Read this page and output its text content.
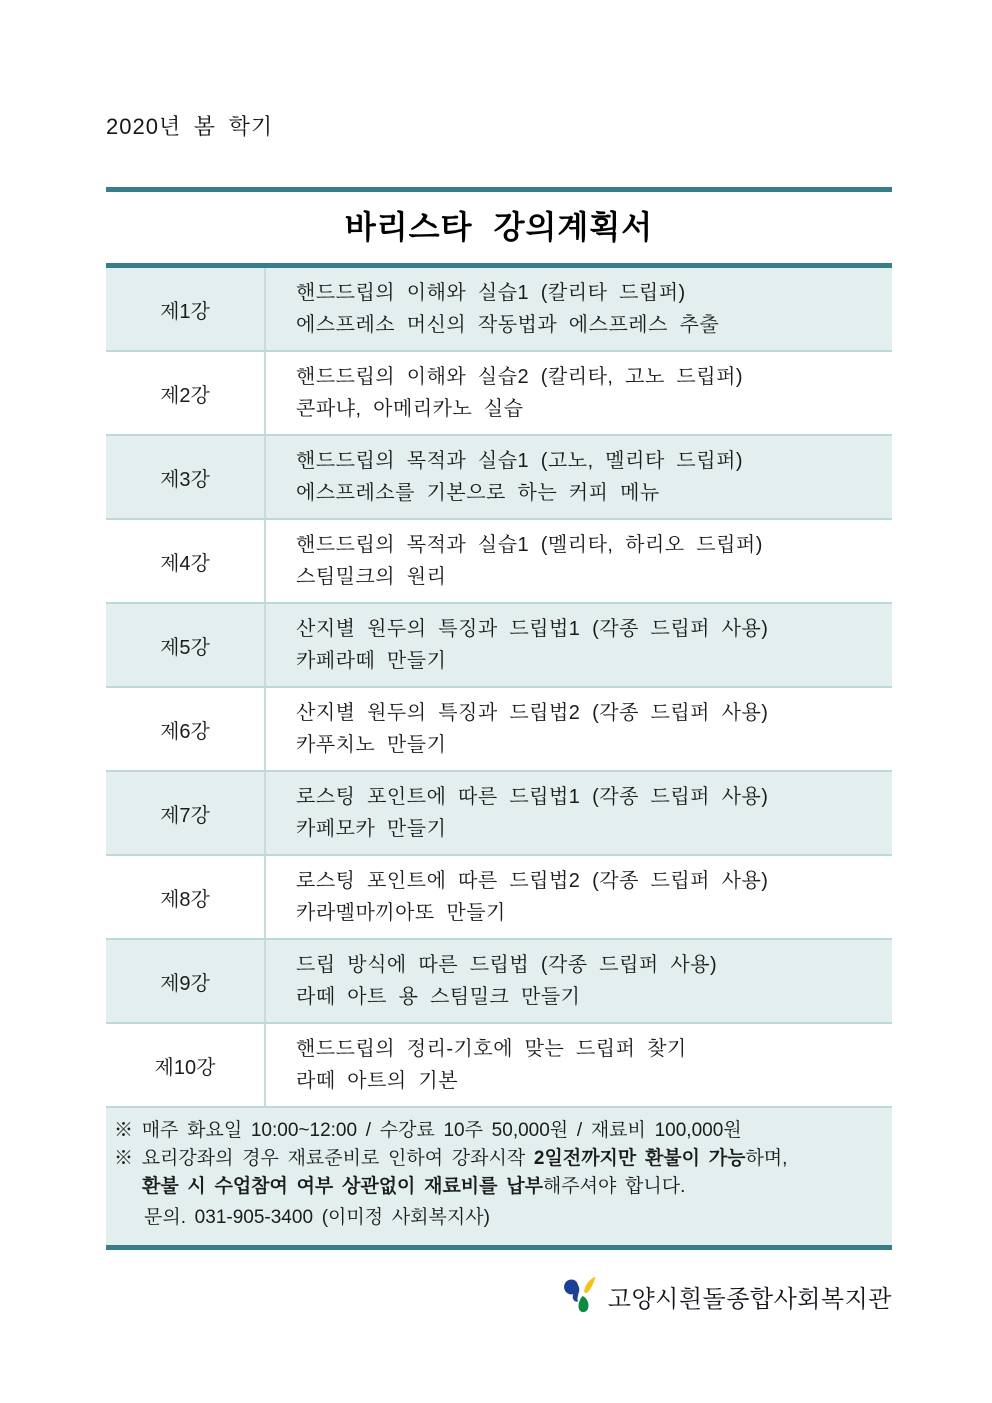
2020년 봄 학기
바리스타 강의계획서
제1강
핸드드립의 이해와 실습1 (칼리타 드립퍼)
에스프레소 머신의 작동법과 에스프레스 추출
제2강
핸드드립의 이해와 실습2 (칼리타, 고노 드립퍼)
콘파냐, 아메리카노 실습
제3강
핸드드립의 목적과 실습1 (고노, 멜리타 드립퍼)
에스프레소를 기본으로 하는 커피 메뉴
제4강
핸드드립의 목적과 실습1 (멜리타, 하리오 드립퍼)
스팀밀크의 원리
제5강
산지별 원두의 특징과 드립법1 (각종 드립퍼 사용)
카페라떼 만들기
제6강
산지별 원두의 특징과 드립법2 (각종 드립퍼 사용)
카푸치노 만들기
제7강
로스팅 포인트에 따른 드립법1 (각종 드립퍼 사용)
카페모카 만들기
제8강
로스팅 포인트에 따른 드립법2 (각종 드립퍼 사용)
카라멜마끼아또 만들기
제9강
드립 방식에 따른 드립법 (각종 드립퍼 사용)
라떼 아트 용 스팀밀크 만들기
제10강
핸드드립의 정리-기호에 맞는 드립퍼 찾기
라떼 아트의 기본
※ 매주 화요일 10:00~12:00 / 수강료 10주 50,000원 / 재료비 100,000원
※ 요리강좌의 경우 재료준비로 인하여 강좌시작 2일전까지만 환불이 가능하며,
환불 시 수업참여 여부 상관없이 재료비를 납부해주셔야 합니다.
문의. 031-905-3400 (이미정 사회복지사)
고양시흰돌종합사회복지관
